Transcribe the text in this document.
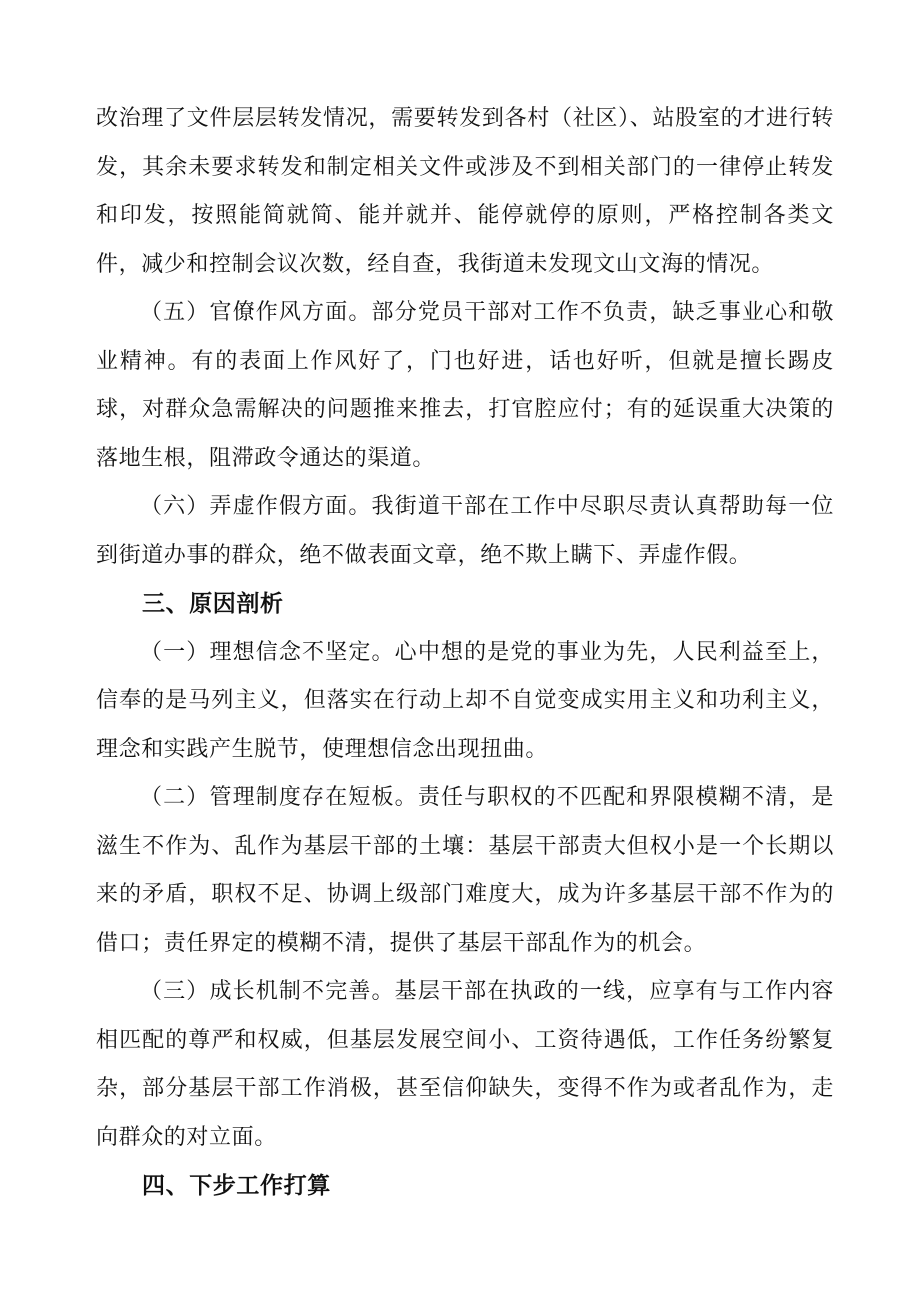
改治理了文件层层转发情况，需要转发到各村（社区）、站股室的才进行转发，其余未要求转发和制定相关文件或涉及不到相关部门的一律停止转发和印发，按照能简就简、能并就并、能停就停的原则，严格控制各类文件，减少和控制会议次数，经自查，我街道未发现文山文海的情况。

（五）官僚作风方面。部分党员干部对工作不负责，缺乏事业心和敬业精神。有的表面上作风好了，门也好进，话也好听，但就是擅长踢皮球，对群众急需解决的问题推来推去，打官腔应付；有的延误重大决策的落地生根，阻滞政令通达的渠道。

（六）弄虚作假方面。我街道干部在工作中尽职尽责认真帮助每一位到街道办事的群众，绝不做表面文章，绝不欺上瞒下、弄虚作假。

三、原因剖析

（一）理想信念不坚定。心中想的是党的事业为先，人民利益至上，信奉的是马列主义，但落实在行动上却不自觉变成实用主义和功利主义，理念和实践产生脱节，使理想信念出现扭曲。

（二）管理制度存在短板。责任与职权的不匹配和界限模糊不清，是滋生不作为、乱作为基层干部的土壤：基层干部责大但权小是一个长期以来的矛盾，职权不足、协调上级部门难度大，成为许多基层干部不作为的借口；责任界定的模糊不清，提供了基层干部乱作为的机会。

（三）成长机制不完善。基层干部在执政的一线，应享有与工作内容相匹配的尊严和权威，但基层发展空间小、工资待遇低，工作任务纷繁复杂，部分基层干部工作消极，甚至信仰缺失，变得不作为或者乱作为，走向群众的对立面。

四、下步工作打算
